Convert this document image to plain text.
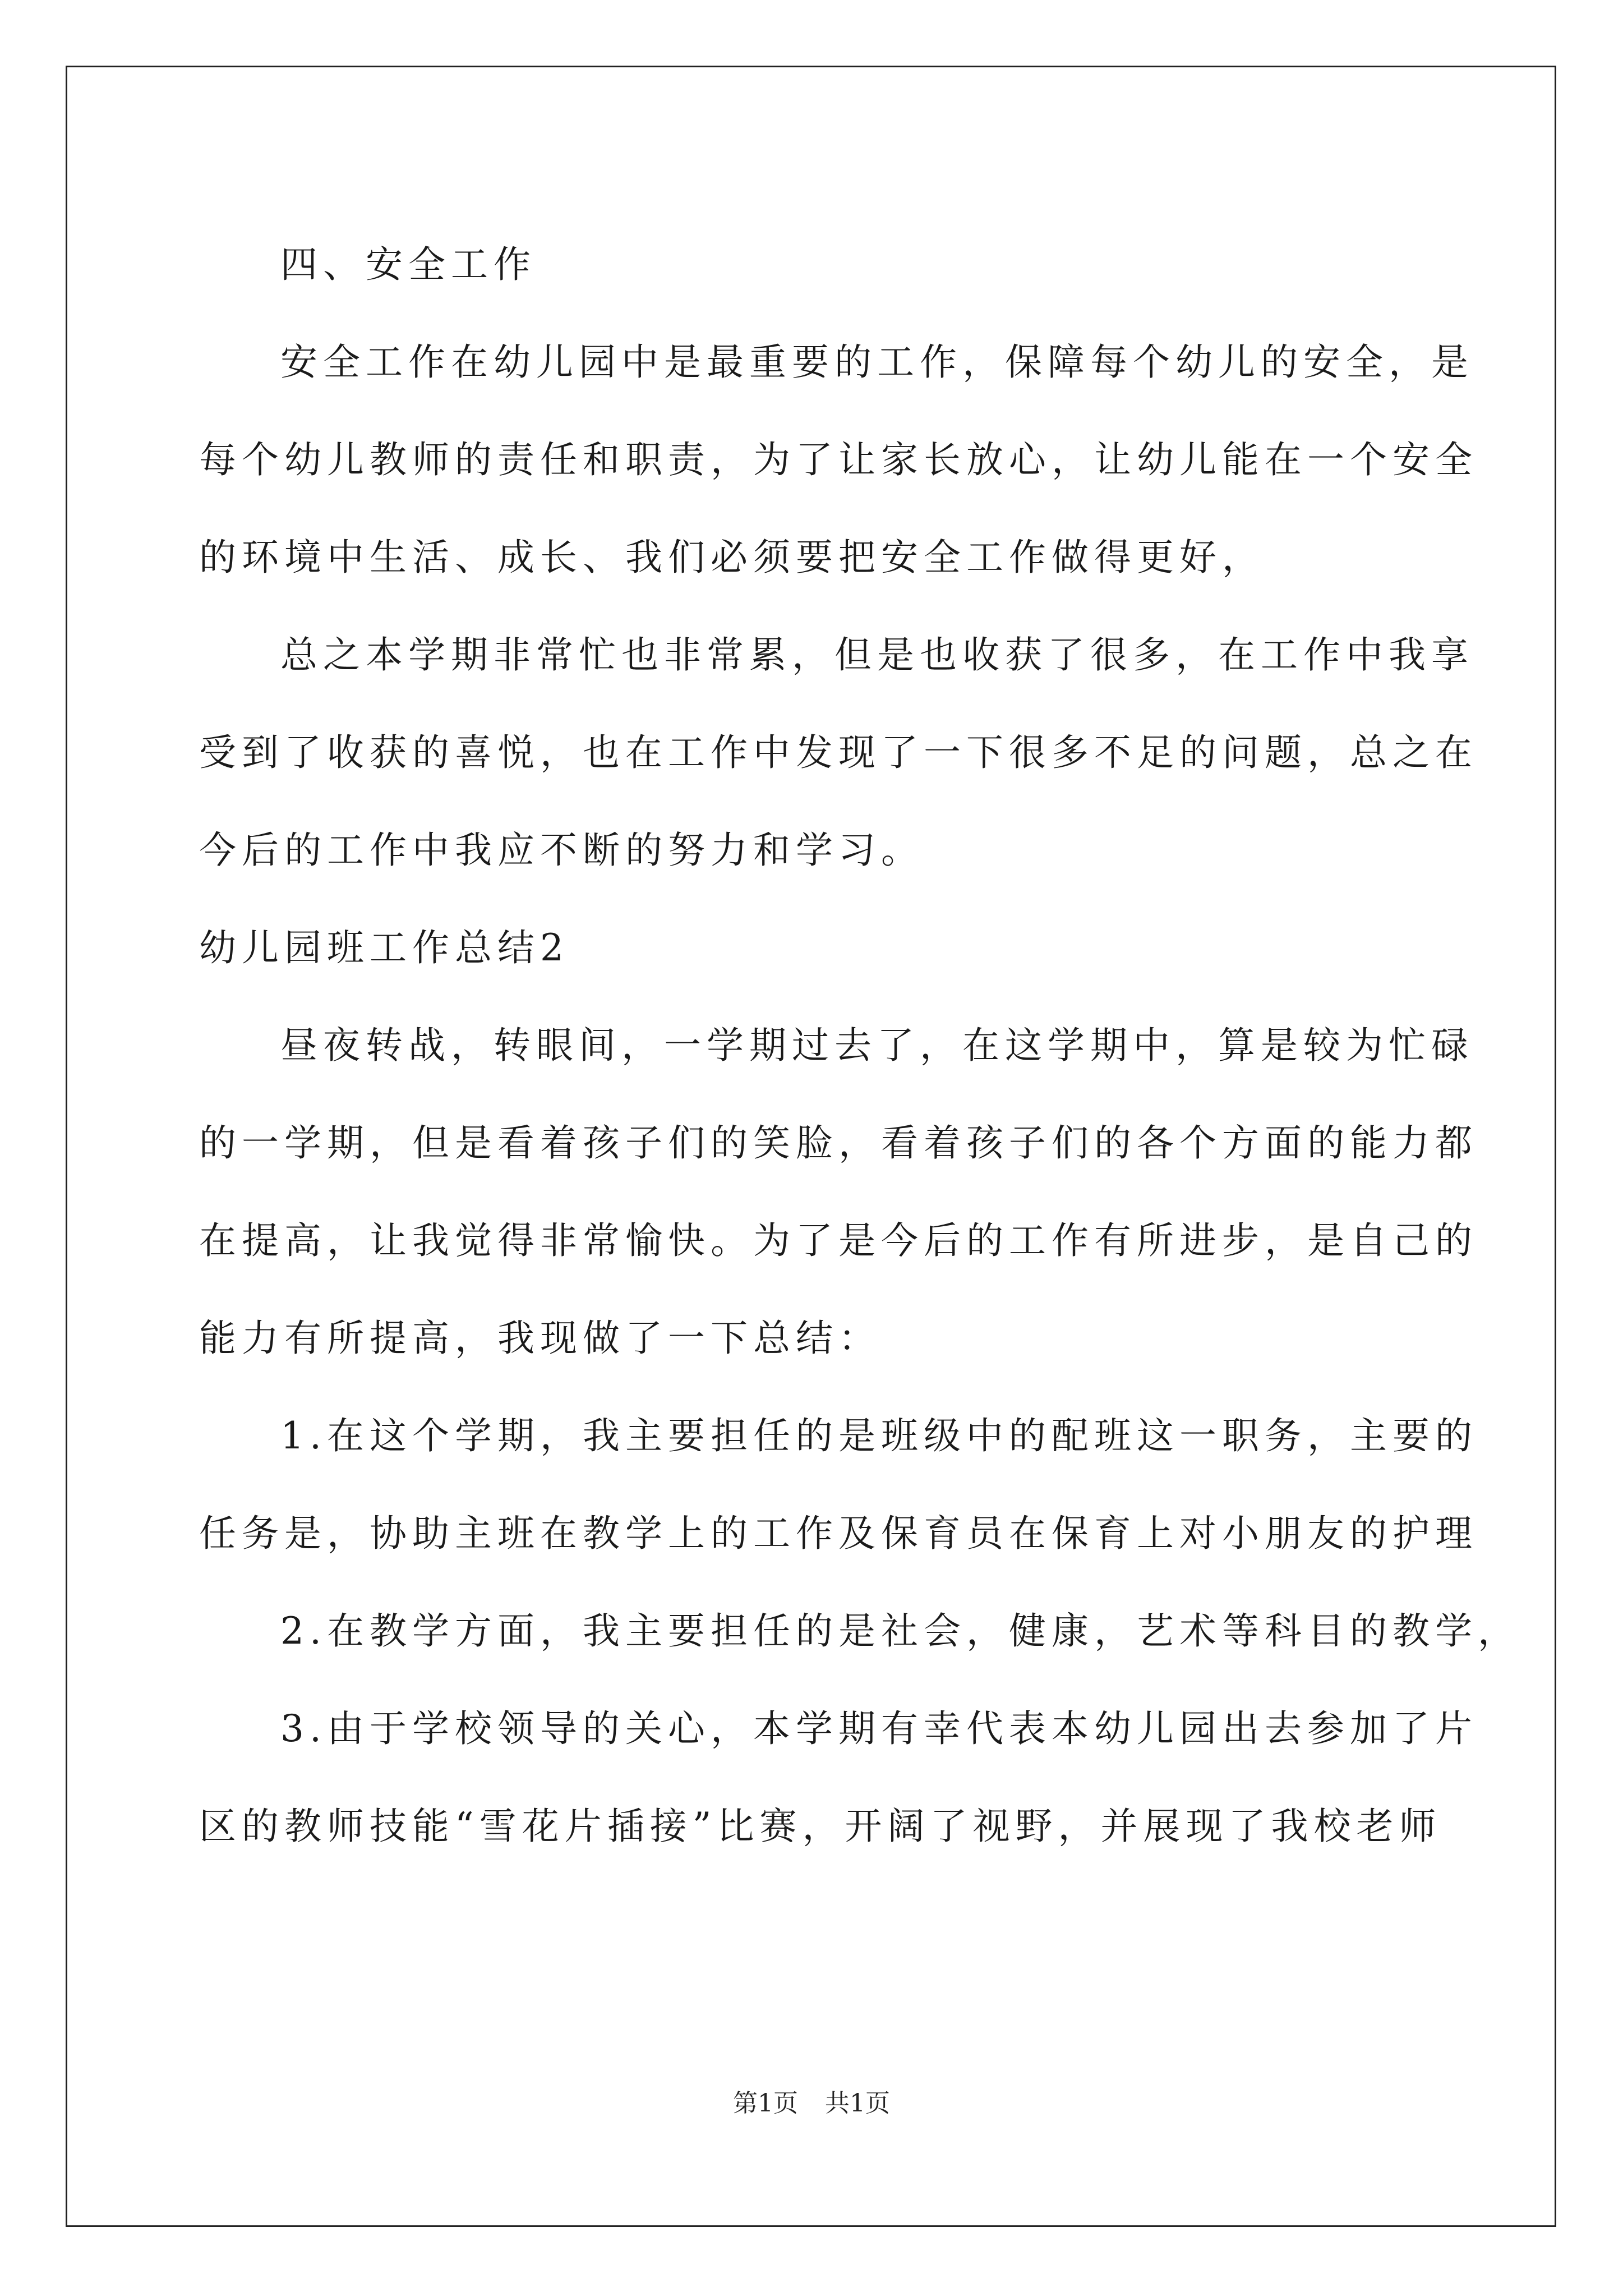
四、安全工作
安全工作在幼儿园中是最重要的工作，保障每个幼儿的安全，是
每个幼儿教师的责任和职责，为了让家长放心，让幼儿能在一个安全
的环境中生活、成长、我们必须要把安全工作做得更好，
总之本学期非常忙也非常累，但是也收获了很多，在工作中我享
受到了收获的喜悦，也在工作中发现了一下很多不足的问题，总之在
今后的工作中我应不断的努力和学习。
幼儿园班工作总结2
昼夜转战，转眼间，一学期过去了，在这学期中，算是较为忙碌
的一学期，但是看着孩子们的笑脸，看着孩子们的各个方面的能力都
在提高，让我觉得非常愉快。为了是今后的工作有所进步，是自己的
能力有所提高，我现做了一下总结：
1.在这个学期，我主要担任的是班级中的配班这一职务，主要的
任务是，协助主班在教学上的工作及保育员在保育上对小朋友的护理
2.在教学方面，我主要担任的是社会，健康，艺术等科目的教学，
3.由于学校领导的关心，本学期有幸代表本幼儿园出去参加了片
区的教师技能“雪花片插接”比赛，开阔了视野，并展现了我校老师
第1页 共1页
